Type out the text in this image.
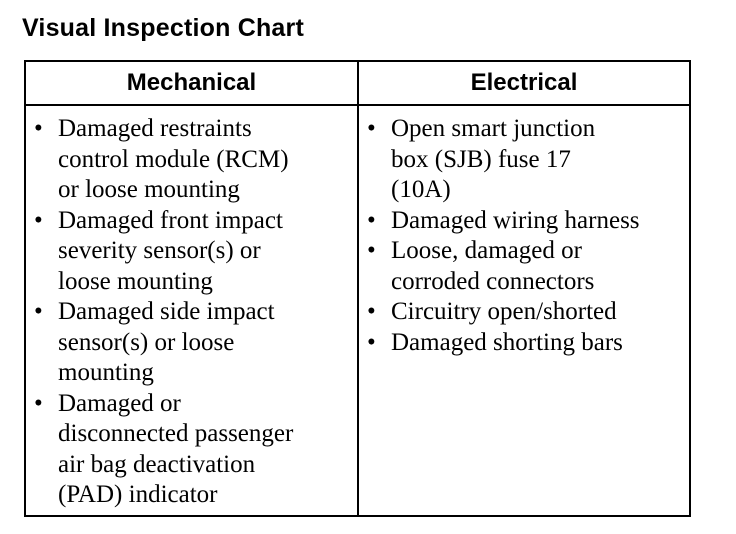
Visual Inspection Chart
Mechanical	Electrical
• Damaged restraints
control module (RCM)
or loose mounting
• Damaged front impact
severity sensor(s) or
loose mounting
• Damaged side impact
sensor(s) or loose
mounting
• Damaged or
disconnected passenger
air bag deactivation
(PAD) indicator
• Open smart junction
box (SJB) fuse 17
(10A)
• Damaged wiring harness
• Loose, damaged or
corroded connectors
• Circuitry open/shorted
• Damaged shorting bars
